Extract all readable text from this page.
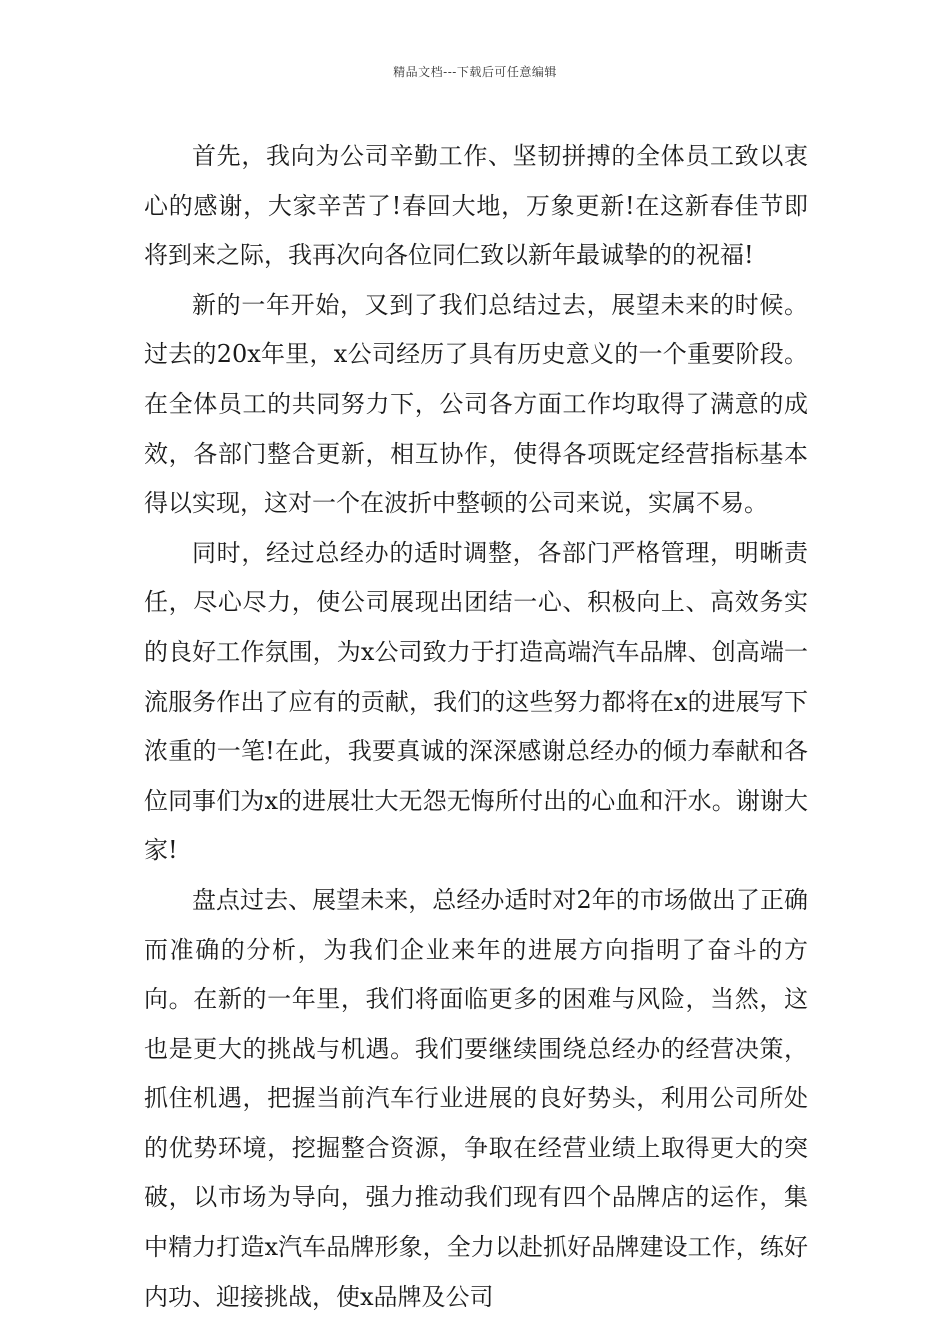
精品文档---下载后可任意编辑

首先，我向为公司辛勤工作、坚韧拼搏的全体员工致以衷心的感谢，大家辛苦了!春回大地，万象更新!在这新春佳节即将到来之际，我再次向各位同仁致以新年最诚挚的的祝福!

新的一年开始，又到了我们总结过去，展望未来的时候。过去的20x年里，x公司经历了具有历史意义的一个重要阶段。在全体员工的共同努力下，公司各方面工作均取得了满意的成效，各部门整合更新，相互协作，使得各项既定经营指标基本得以实现，这对一个在波折中整顿的公司来说，实属不易。

同时，经过总经办的适时调整，各部门严格管理，明晰责任，尽心尽力，使公司展现出团结一心、积极向上、高效务实的良好工作氛围，为x公司致力于打造高端汽车品牌、创高端一流服务作出了应有的贡献，我们的这些努力都将在x的进展写下浓重的一笔!在此，我要真诚的深深感谢总经办的倾力奉献和各位同事们为x的进展壮大无怨无悔所付出的心血和汗水。谢谢大家!

盘点过去、展望未来，总经办适时对2年的市场做出了正确而准确的分析，为我们企业来年的进展方向指明了奋斗的方向。在新的一年里，我们将面临更多的困难与风险，当然，这也是更大的挑战与机遇。我们要继续围绕总经办的经营决策，抓住机遇，把握当前汽车行业进展的良好势头，利用公司所处的优势环境，挖掘整合资源，争取在经营业绩上取得更大的突破，以市场为导向，强力推动我们现有四个品牌店的运作，集中精力打造x汽车品牌形象，全力以赴抓好品牌建设工作，练好内功、迎接挑战，使x品牌及公司
